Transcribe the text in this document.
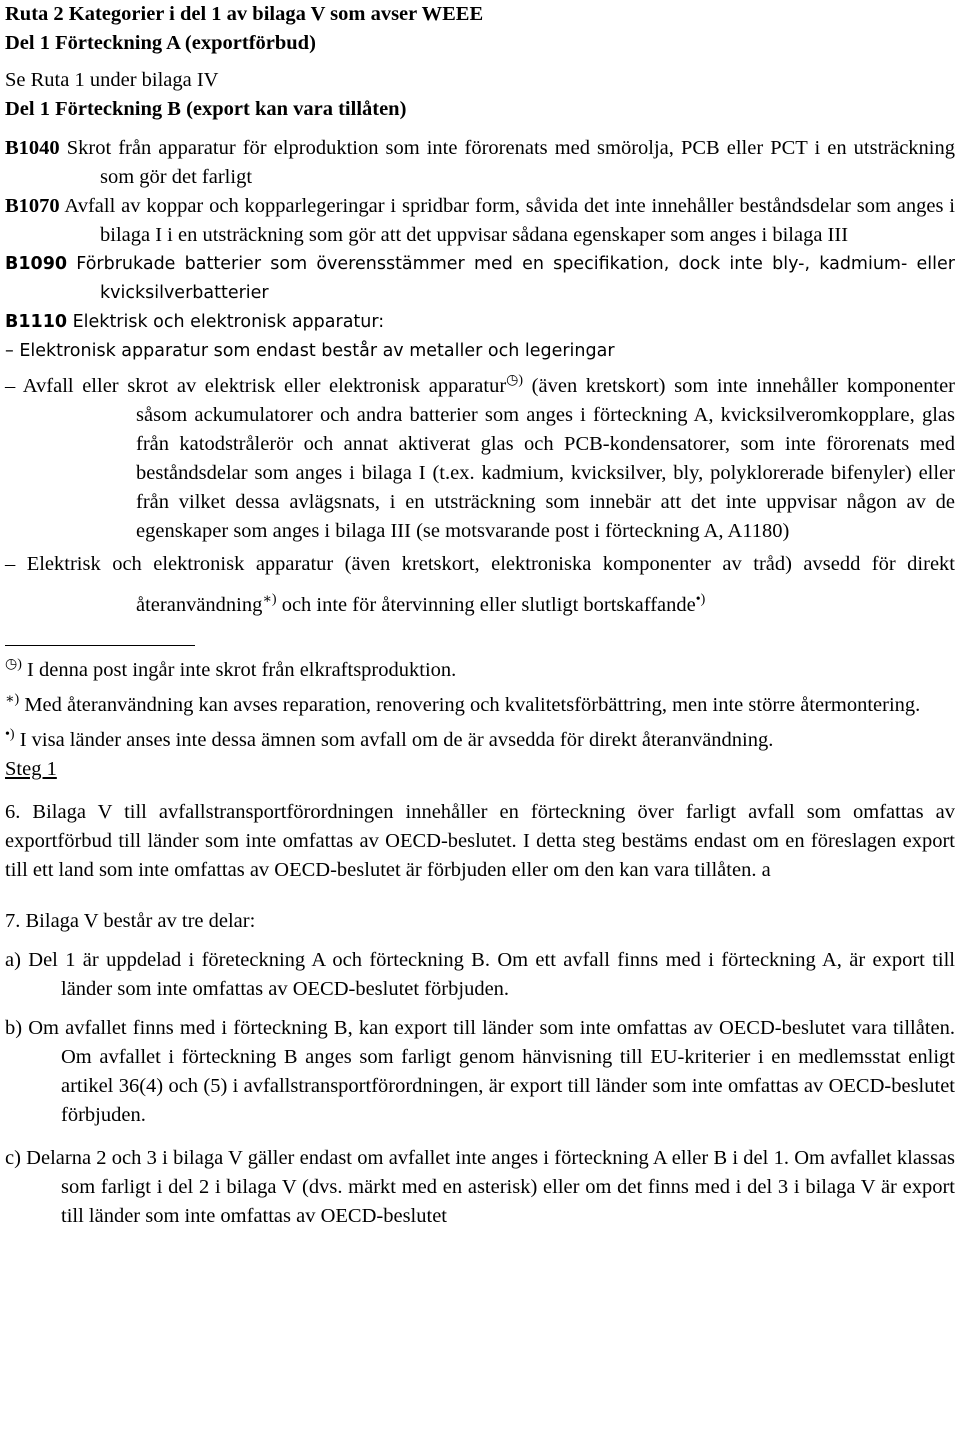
Ruta 2 Kategorier i del 1 av bilaga V som avser WEEE

Del 1 Förteckning A (exportförbud)

Se Ruta 1 under bilaga IV

Del 1 Förteckning B (export kan vara tillåten)

B1040 Skrot från apparatur för elproduktion som inte förorenats med smörolja, PCB eller PCT i en utsträckning som gör det farligt

B1070 Avfall av koppar och kopparlegeringar i spridbar form, såvida det inte innehåller beståndsdelar som anges i bilaga I i en utsträckning som gör att det uppvisar sådana egenskaper som anges i bilaga III

B1090 Förbrukade batterier som överensstämmer med en specifikation, dock inte bly-, kadmium- eller kvicksilverbatterier

B1110 Elektrisk och elektronisk apparatur:

– Elektronisk apparatur som endast består av metaller och legeringar

– Avfall eller skrot av elektrisk eller elektronisk apparatur◷) (även kretskort) som inte innehåller komponenter såsom ackumulatorer och andra batterier som anges i förteckning A, kvicksilveromkopplare, glas från katodstrålerör och annat aktiverat glas och PCB-kondensatorer, som inte förorenats med beståndsdelar som anges i bilaga I (t.ex. kadmium, kvicksilver, bly, polyklorerade bifenyler) eller från vilket dessa avlägsnats, i en utsträckning som innebär att det inte uppvisar någon av de egenskaper som anges i bilaga III (se motsvarande post i förteckning A, A1180)

– Elektrisk och elektronisk apparatur (även kretskort, elektroniska komponenter av tråd) avsedd för direkt återanvändning∗) och inte för återvinning eller slutligt bortskaffande•)

◷) I denna post ingår inte skrot från elkraftsproduktion.

∗) Med återanvändning kan avses reparation, renovering och kvalitetsförbättring, men inte större återmontering.

•) I visa länder anses inte dessa ämnen som avfall om de är avsedda för direkt återanvändning.

Steg 1

6. Bilaga V till avfallstransportförordningen innehåller en förteckning över farligt avfall som omfattas av exportförbud till länder som inte omfattas av OECD-beslutet. I detta steg bestäms endast om en föreslagen export till ett land som inte omfattas av OECD-beslutet är förbjuden eller om den kan vara tillåten. a

7. Bilaga V består av tre delar:

a) Del 1 är uppdelad i företeckning A och förteckning B. Om ett avfall finns med i förteckning A, är export till länder som inte omfattas av OECD-beslutet förbjuden.

b) Om avfallet finns med i förteckning B, kan export till länder som inte omfattas av OECD-beslutet vara tillåten. Om avfallet i förteckning B anges som farligt genom hänvisning till EU-kriterier i en medlemsstat enligt artikel 36(4) och (5) i avfallstransportförordningen, är export till länder som inte omfattas av OECD-beslutet förbjuden.

c) Delarna 2 och 3 i bilaga V gäller endast om avfallet inte anges i förteckning A eller B i del 1. Om avfallet klassas som farligt i del 2 i bilaga V (dvs. märkt med en asterisk) eller om det finns med i del 3 i bilaga V är export till länder som inte omfattas av OECD-beslutet
